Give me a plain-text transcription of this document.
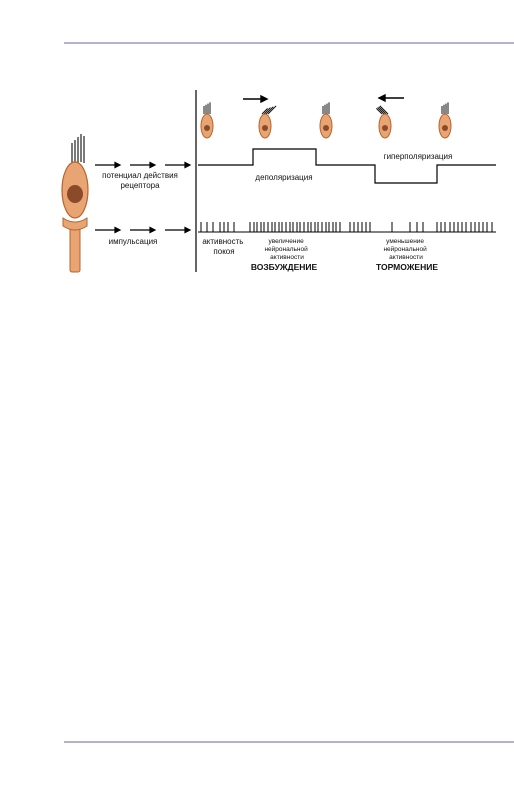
потенциал действия рецептора
импульсация
деполяризация
гиперполяризация
активность покоя
увеличение нейрональной активности
ВОЗБУЖДЕНИЕ
уменьшение нейрональной активности
ТОРМОЖЕНИЕ
